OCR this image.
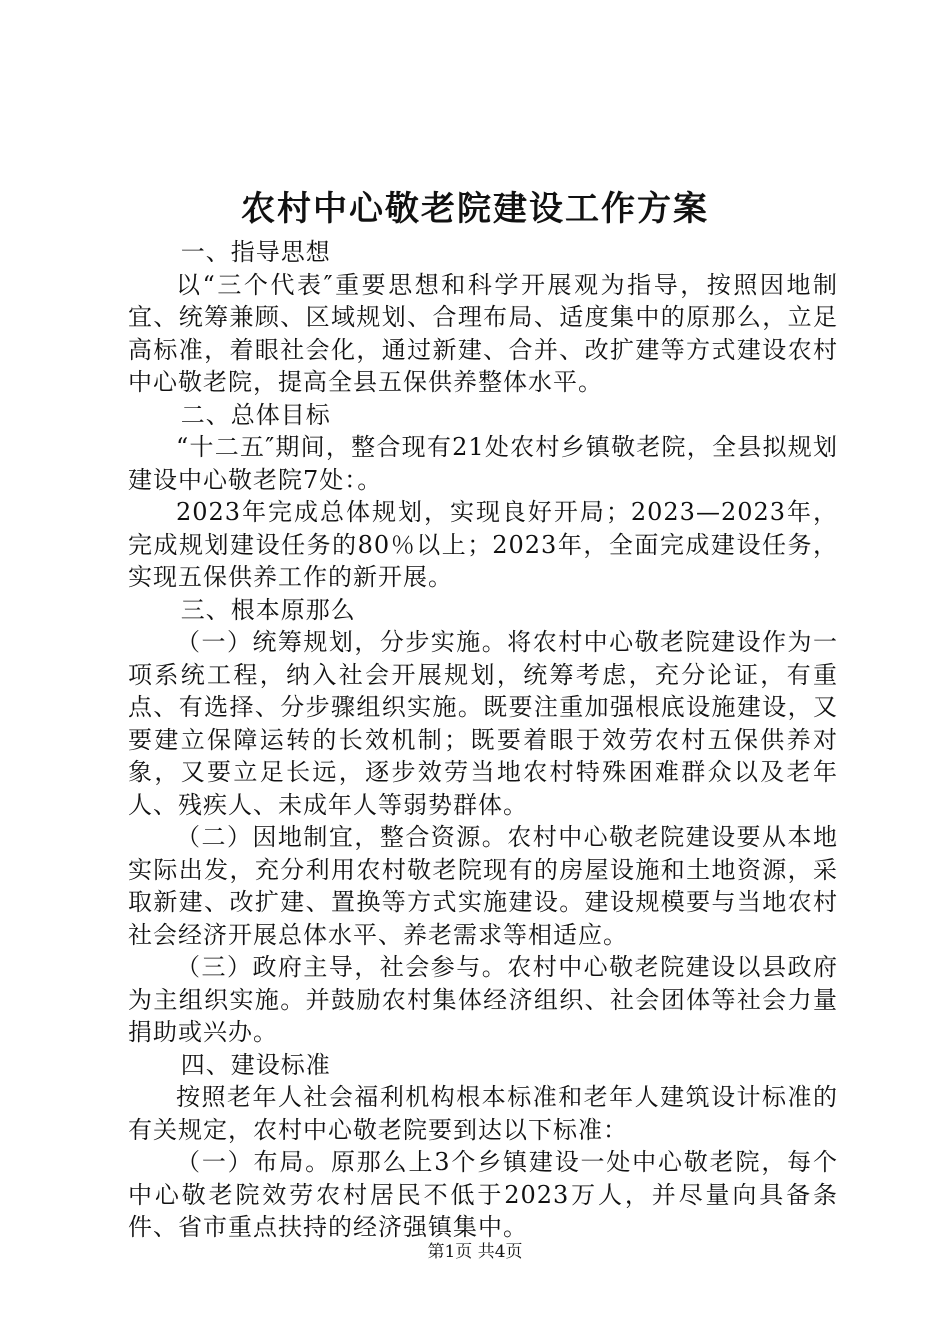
农村中心敬老院建设工作方案

一、指导思想

以“三个代表″重要思想和科学开展观为指导，按照因地制宜、统筹兼顾、区域规划、合理布局、适度集中的原那么，立足高标准，着眼社会化，通过新建、合并、改扩建等方式建设农村中心敬老院，提高全县五保供养整体水平。

二、总体目标

“十二五″期间，整合现有21处农村乡镇敬老院，全县拟规划建设中心敬老院7处：。

2023年完成总体规划，实现良好开局；2023—2023年，完成规划建设任务的80％以上；2023年，全面完成建设任务，实现五保供养工作的新开展。

三、根本原那么

（一）统筹规划，分步实施。将农村中心敬老院建设作为一项系统工程，纳入社会开展规划，统筹考虑，充分论证，有重点、有选择、分步骤组织实施。既要注重加强根底设施建设，又要建立保障运转的长效机制；既要着眼于效劳农村五保供养对象，又要立足长远，逐步效劳当地农村特殊困难群众以及老年人、残疾人、未成年人等弱势群体。

（二）因地制宜，整合资源。农村中心敬老院建设要从本地实际出发，充分利用农村敬老院现有的房屋设施和土地资源，采取新建、改扩建、置换等方式实施建设。建设规模要与当地农村社会经济开展总体水平、养老需求等相适应。

（三）政府主导，社会参与。农村中心敬老院建设以县政府为主组织实施。并鼓励农村集体经济组织、社会团体等社会力量捐助或兴办。

四、建设标准

按照老年人社会福利机构根本标准和老年人建筑设计标准的有关规定，农村中心敬老院要到达以下标准：

（一）布局。原那么上3个乡镇建设一处中心敬老院，每个中心敬老院效劳农村居民不低于2023万人，并尽量向具备条件、省市重点扶持的经济强镇集中。

第1页 共4页
